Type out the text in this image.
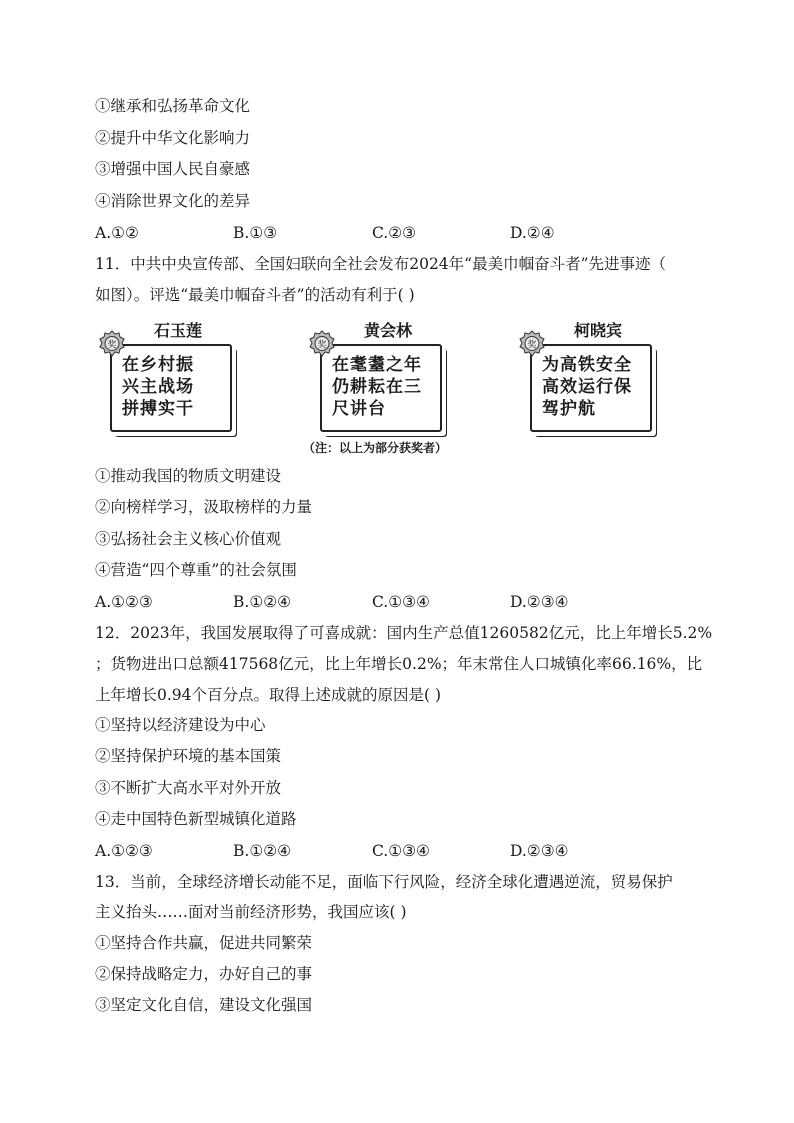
①继承和弘扬革命文化
②提升中华文化影响力
③增强中国人民自豪感
④消除世界文化的差异
A.①②	B.①③	C.②③	D.②④
11．中共中央宣传部、全国妇联向全社会发布2024年“最美巾帼奋斗者”先进事迹（
如图）。评选“最美巾帼奋斗者”的活动有利于( )
石玉莲
在乡村振
兴主战场
拼搏实干
奖
黄会林
在耄耋之年
仍耕耘在三
尺讲台
奖
柯晓宾
为高铁安全
高效运行保
驾护航
奖
（注：以上为部分获奖者）
①推动我国的物质文明建设
②向榜样学习，汲取榜样的力量
③弘扬社会主义核心价值观
④营造“四个尊重”的社会氛围
A.①②③	B.①②④	C.①③④	D.②③④
12．2023年，我国发展取得了可喜成就：国内生产总值1260582亿元，比上年增长5.2%
；货物进出口总额417568亿元，比上年增长0.2%；年末常住人口城镇化率66.16%，比
上年增长0.94个百分点。取得上述成就的原因是( )
①坚持以经济建设为中心
②坚持保护环境的基本国策
③不断扩大高水平对外开放
④走中国特色新型城镇化道路
A.①②③	B.①②④	C.①③④	D.②③④
13．当前，全球经济增长动能不足，面临下行风险，经济全球化遭遇逆流，贸易保护
主义抬头……面对当前经济形势，我国应该( )
①坚持合作共赢，促进共同繁荣
②保持战略定力，办好自己的事
③坚定文化自信，建设文化强国
